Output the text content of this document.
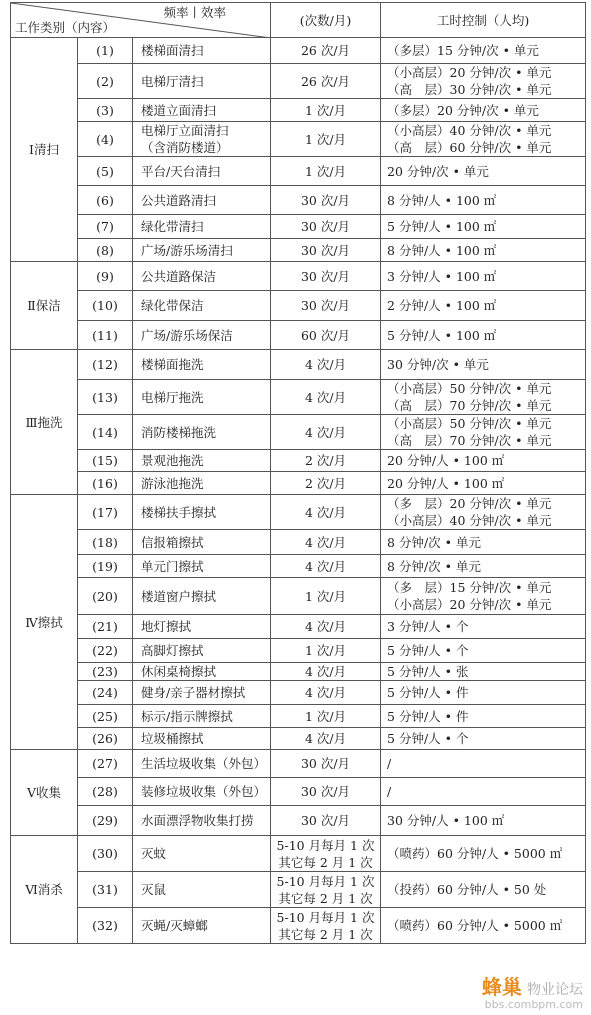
频率丨效率
工作类别（内容）			(次数/月)	工时控制（人均)
Ⅰ清扫	(1)	楼梯面清扫	26 次/月	（多层）15 分钟/次 • 单元

	(2)	电梯厅清扫	26 次/月	（小高层）20 分钟/次 • 单元
（高　层）30 分钟/次 • 单元

	(3)	楼道立面清扫	1 次/月	（多层）20 分钟/次 • 单元

	(4)	电梯厅立面清扫
（含消防楼道）	1 次/月	（小高层）40 分钟/次 • 单元
（高　层）60 分钟/次 • 单元

	(5)	平台/天台清扫	1 次/月	20 分钟/次 • 单元

	(6)	公共道路清扫	30 次/月	8 分钟/人 • 100 ㎡

	(7)	绿化带清扫	30 次/月	5 分钟/人 • 100 ㎡

	(8)	广场/游乐场清扫	30 次/月	8 分钟/人 • 100 ㎡

Ⅱ保洁	(9)	公共道路保洁	30 次/月	3 分钟/人 • 100 ㎡

	(10)	绿化带保洁	30 次/月	2 分钟/人 • 100 ㎡

	(11)	广场/游乐场保洁	60 次/月	5 分钟/人 • 100 ㎡

Ⅲ拖洗	(12)	楼梯面拖洗	4 次/月	30 分钟/次 • 单元

	(13)	电梯厅拖洗	4 次/月	（小高层）50 分钟/次 • 单元
（高　层）70 分钟/次 • 单元

	(14)	消防楼梯拖洗	4 次/月	（小高层）50 分钟/次 • 单元
（高　层）70 分钟/次 • 单元

	(15)	景观池拖洗	2 次/月	20 分钟/人 • 100 ㎡

	(16)	游泳池拖洗	2 次/月	20 分钟/人 • 100 ㎡

Ⅳ擦拭	(17)	楼梯扶手擦拭	4 次/月	（多　层）20 分钟/次 • 单元
（小高层）40 分钟/次 • 单元

	(18)	信报箱擦拭	4 次/月	8 分钟/次 • 单元

	(19)	单元门擦拭	4 次/月	8 分钟/次 • 单元

	(20)	楼道窗户擦拭	1 次/月	（多　层）15 分钟/次 • 单元
（小高层）20 分钟/次 • 单元

	(21)	地灯擦拭	4 次/月	3 分钟/人 • 个

	(22)	高脚灯擦拭	1 次/月	5 分钟/人 • 个

	(23)	休闲桌椅擦拭	4 次/月	5 分钟/人 • 张

	(24)	健身/亲子器材擦拭	4 次/月	5 分钟/人 • 件

	(25)	标示/指示牌擦拭	1 次/月	5 分钟/人 • 件

	(26)	垃圾桶擦拭	4 次/月	5 分钟/人 • 个

Ⅴ收集	(27)	生活垃圾收集（外包）	30 次/月	/

	(28)	装修垃圾收集（外包）	30 次/月	/

	(29)	水面漂浮物收集打捞	30 次/月	30 分钟/人 • 100 ㎡

Ⅵ消杀	(30)	灭蚊	5-10 月每月 1 次
其它每 2 月 1 次	（喷药）60 分钟/人 • 5000 ㎡

	(31)	灭鼠	5-10 月每月 1 次
其它每 2 月 1 次	（投药）60 分钟/人 • 50 处

	(32)	灭蝇/灭蟑螂	5-10 月每月 1 次
其它每 2 月 1 次	（喷药）60 分钟/人 • 5000 ㎡
蜂巢 物业论坛
bbs.combpm.com
